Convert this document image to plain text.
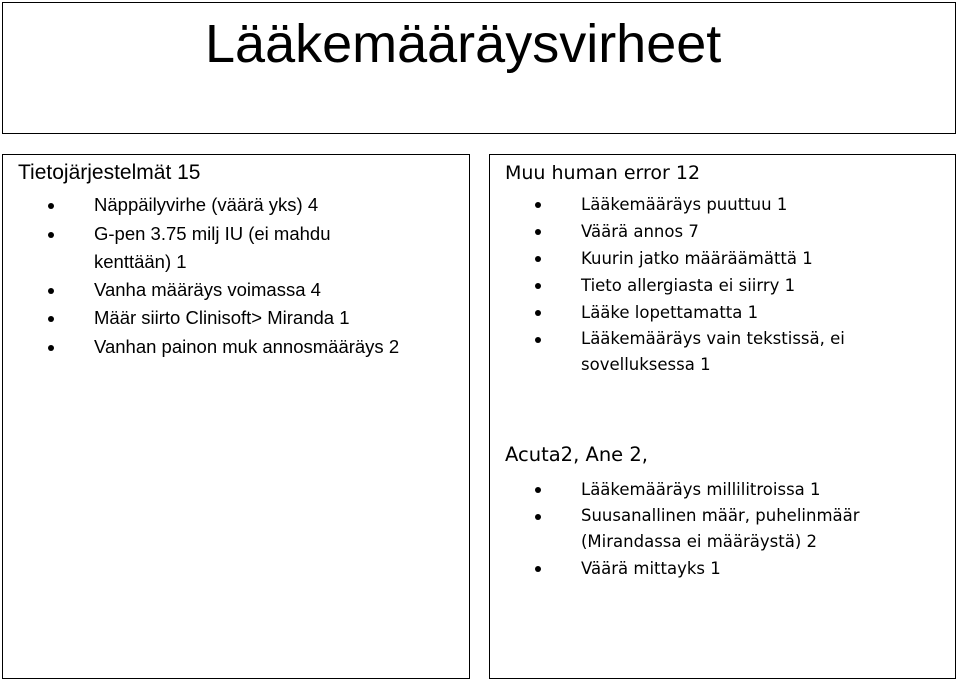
Lääkemääräysvirheet

Tietojärjestelmät 15

Näppäilyvirhe (väärä yks) 4
G-pen 3.75 milj IU (ei mahdu kenttään) 1
Vanha määräys voimassa 4
Määr siirto Clinisoft> Miranda 1
Vanhan painon muk annosmääräys 2

Muu human error 12

Lääkemääräys puuttuu 1
Väärä annos 7
Kuurin jatko määräämättä 1
Tieto allergiasta ei siirry 1
Lääke lopettamatta 1
Lääkemääräys vain tekstissä, ei sovelluksessa 1

Acuta2, Ane 2,

Lääkemääräys millilitroissa 1
Suusanallinen määr, puhelinmäär (Mirandassa ei määräystä) 2
Väärä mittayks 1
